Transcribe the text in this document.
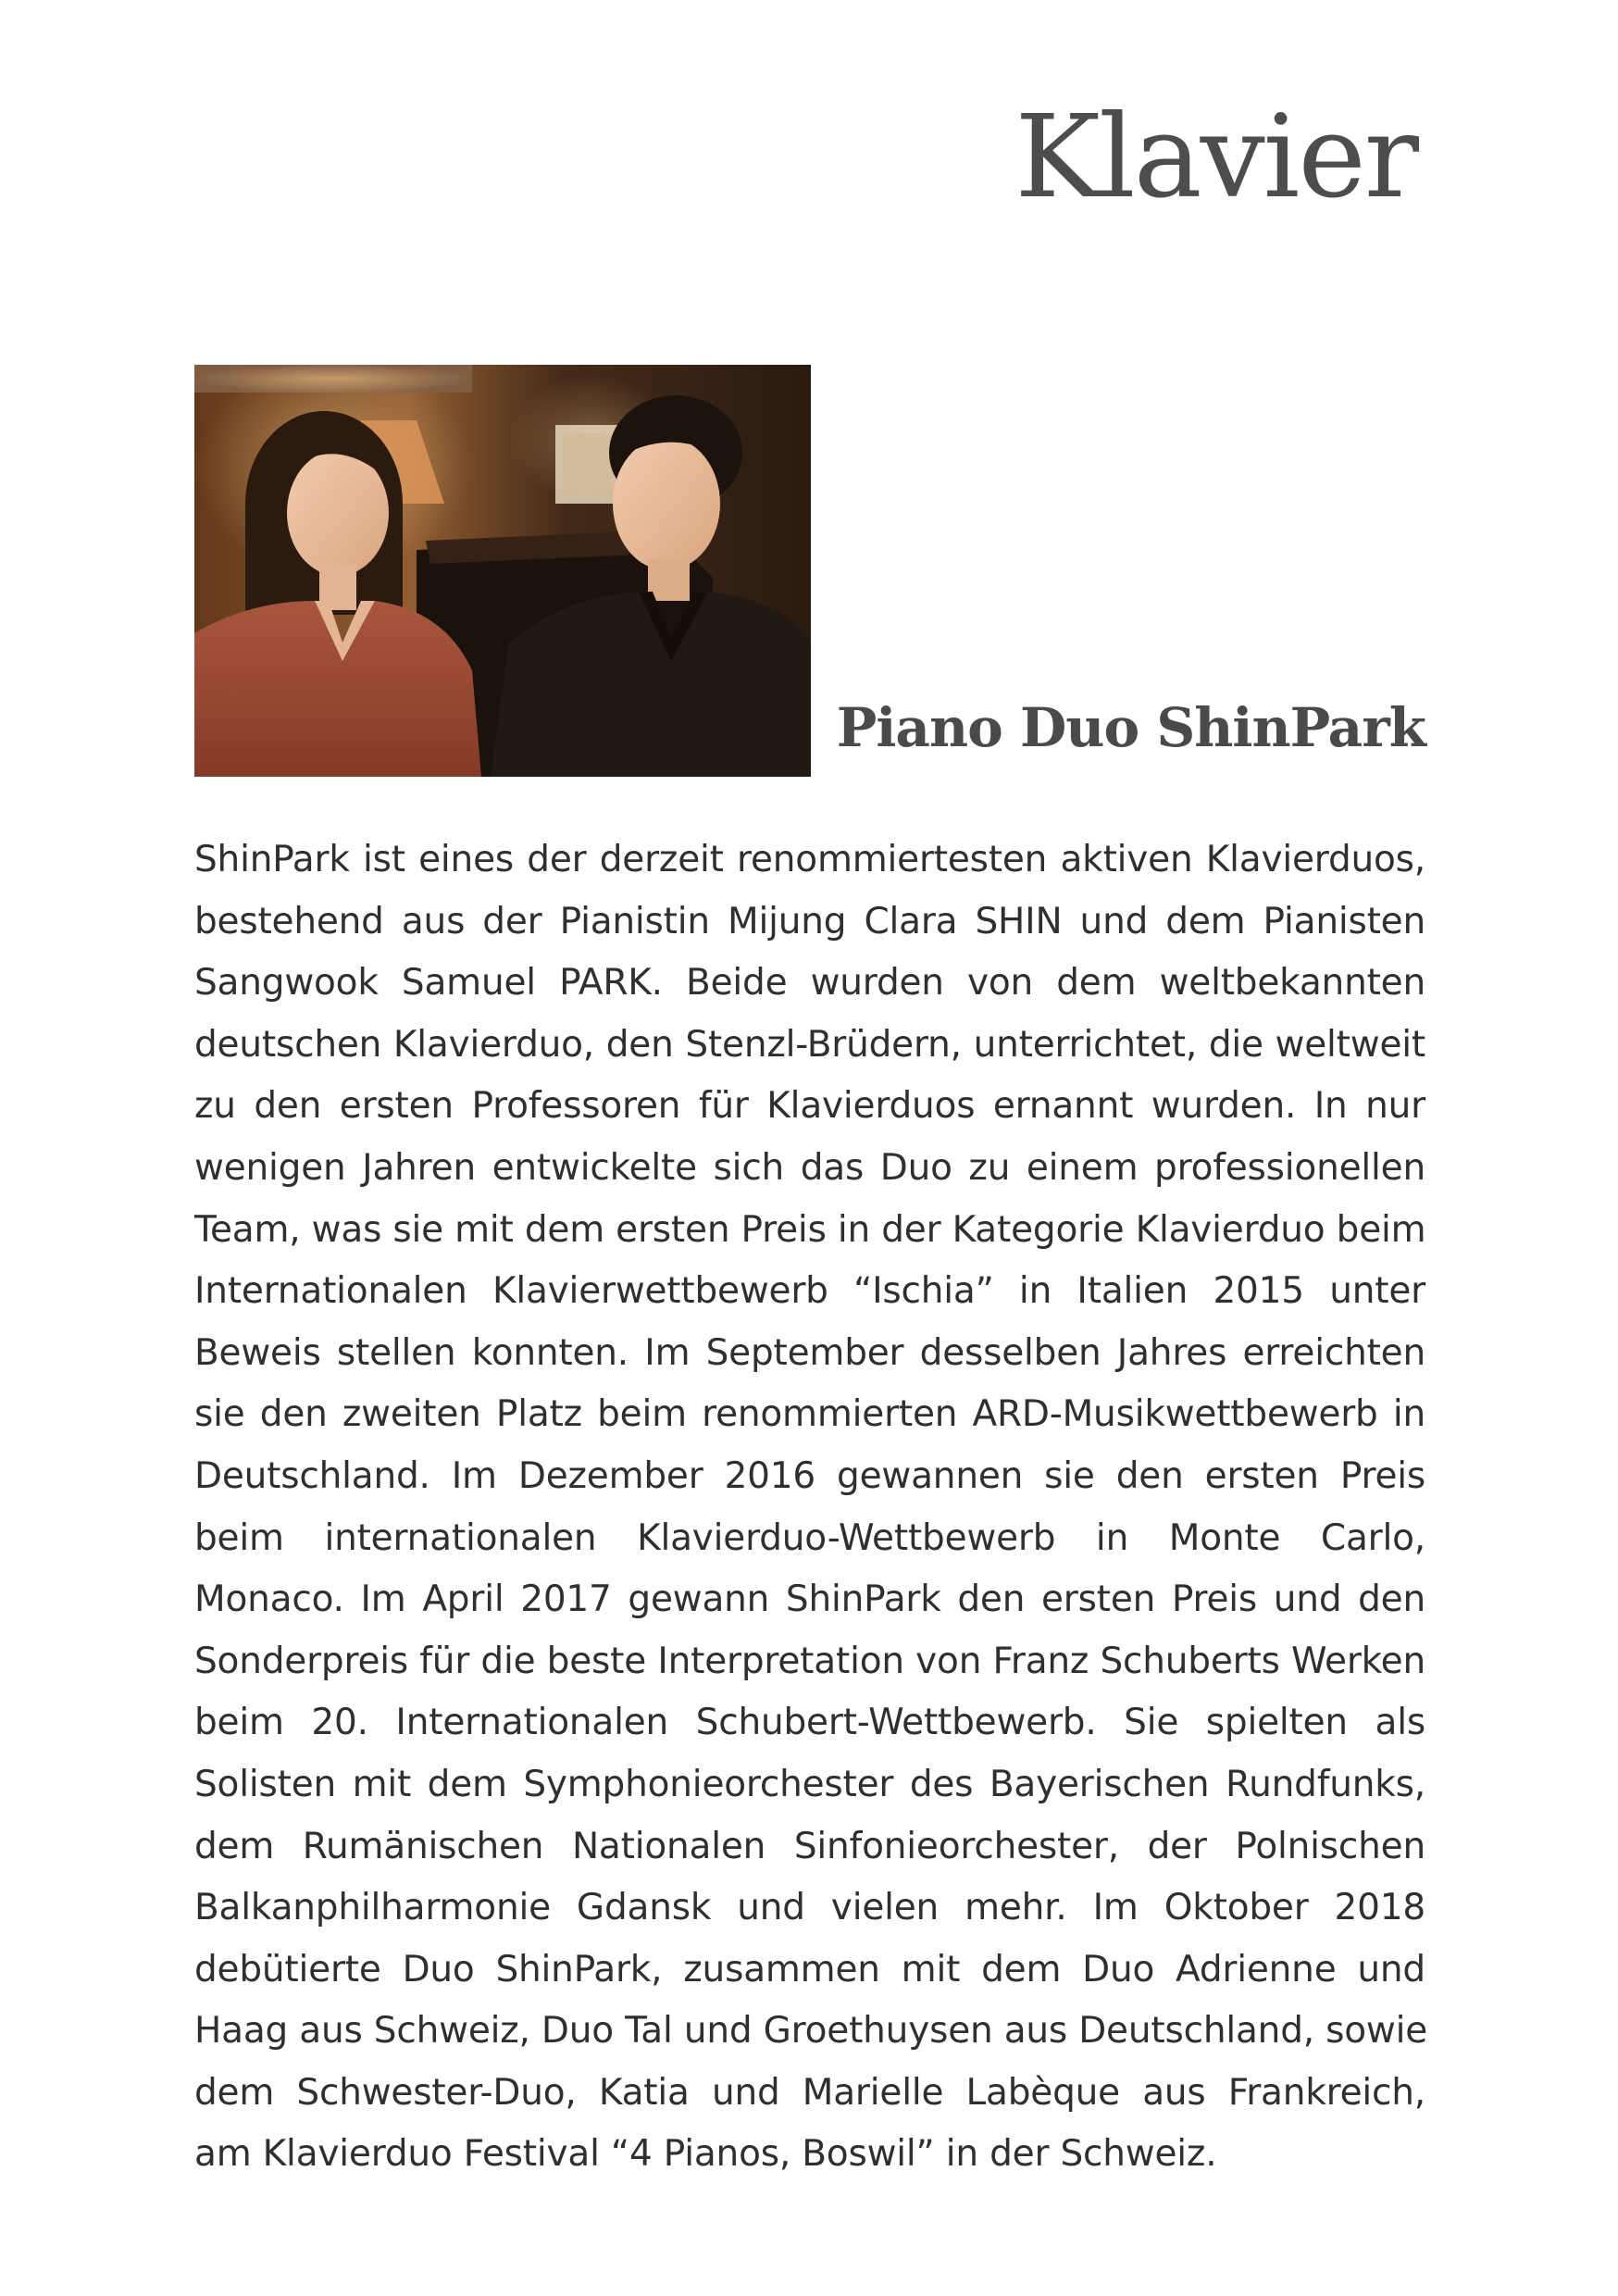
Klavier
Piano Duo ShinPark

ShinPark ist eines der derzeit renommiertesten aktiven Klavierduos,
bestehend aus der Pianistin Mijung Clara SHIN und dem Pianisten
Sangwook Samuel PARK. Beide wurden von dem weltbekannten
deutschen Klavierduo, den Stenzl-Brüdern, unterrichtet, die weltweit
zu den ersten Professoren für Klavierduos ernannt wurden. In nur
wenigen Jahren entwickelte sich das Duo zu einem professionellen
Team, was sie mit dem ersten Preis in der Kategorie Klavierduo beim
Internationalen Klavierwettbewerb “Ischia” in Italien 2015 unter
Beweis stellen konnten. Im September desselben Jahres erreichten
sie den zweiten Platz beim renommierten ARD-Musikwettbewerb in
Deutschland. Im Dezember 2016 gewannen sie den ersten Preis
beim internationalen Klavierduo-Wettbewerb in Monte Carlo,
Monaco. Im April 2017 gewann ShinPark den ersten Preis und den
Sonderpreis für die beste Interpretation von Franz Schuberts Werken
beim 20. Internationalen Schubert-Wettbewerb. Sie spielten als
Solisten mit dem Symphonieorchester des Bayerischen Rundfunks,
dem Rumänischen Nationalen Sinfonieorchester, der Polnischen
Balkanphilharmonie Gdansk und vielen mehr. Im Oktober 2018
debütierte Duo ShinPark, zusammen mit dem Duo Adrienne und
Haag aus Schweiz, Duo Tal und Groethuysen aus Deutschland, sowie
dem Schwester-Duo, Katia und Marielle Labèque aus Frankreich,
am Klavierduo Festival “4 Pianos, Boswil” in der Schweiz.
